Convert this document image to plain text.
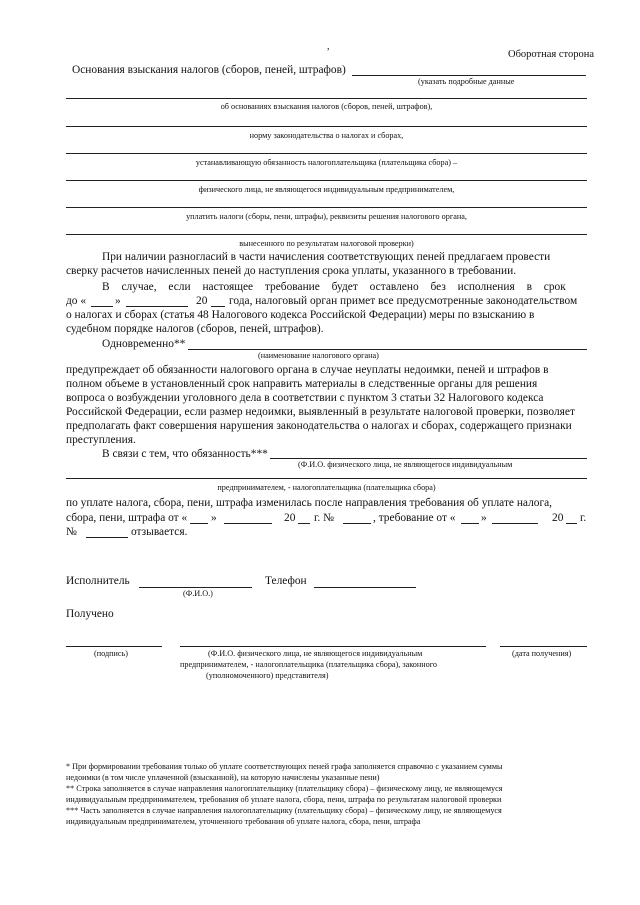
,
Оборотная сторона
Основания взыскания налогов (сборов, пеней, штрафов)
(указать подробные данные
об основаниях взыскания налогов (сборов, пеней, штрафов),
норму законодательства о налогах и сборах,
устанавливающую обязанность налогоплательщика (плательщика сбора) –
физического лица, не являющегося индивидуальным предпринимателем,
уплатить налоги (сборы, пени, штрафы), реквизиты решения налогового органа,
вынесенного по результатам налоговой проверки)
При наличии разногласий в части начисления соответствующих пеней предлагаем провести
сверку расчетов начисленных пеней до наступления срока уплаты, указанного в требовании.
В случае, если настоящее требование будет оставлено без исполнения в срок
до «	»	20 года, налоговый орган примет все предусмотренные законодательством
о налогах и сборах (статья 48 Налогового кодекса Российской Федерации) меры по взысканию в
судебном порядке налогов (сборов, пеней, штрафов).
Одновременно**
(наименование налогового органа)
предупреждает об обязанности налогового органа в случае неуплаты недоимки, пеней и штрафов в
полном объеме в установленный срок направить материалы в следственные органы для решения
вопроса о возбуждении уголовного дела в соответствии с пунктом 3 статьи 32 Налогового кодекса
Российской Федерации, если размер недоимки, выявленный в результате налоговой проверки, позволяет
предполагать факт совершения нарушения законодательства о налогах и сборах, содержащего признаки
преступления.
В связи с тем, что обязанность***
(Ф.И.О. физического лица, не являющегося индивидуальным
предпринимателем, - налогоплательщика (плательщика сбора)
по уплате налога, сбора, пени, штрафа изменилась после направления требования об уплате налога,
сбора, пени, штрафа от « »	20 г. №	, требование от « »	20 г.
№	отзывается.
Исполнитель
(Ф.И.О.)
Телефон
Получено
(подпись)	(Ф.И.О. физического лица, не являющегося индивидуальным
предпринимателем, - налогоплательщика (плательщика сбора), законного
(уполномоченного) представителя)
(дата получения)
* При формировании требования только об уплате соответствующих пеней графа заполняется справочно с указанием суммы
недоимки (в том числе уплаченной (взысканной), на которую начислены указанные пени)
** Строка заполняется в случае направления налогоплательщику (плательщику сбора) – физическому лицу, не являющемуся
индивидуальным предпринимателем, требования об уплате налога, сбора, пени, штрафа по результатам налоговой проверки
*** Часть заполняется в случае направления налогоплательщику (плательщику сбора) – физическому лицу, не являющемуся
индивидуальным предпринимателем, уточненного требования об уплате налога, сбора, пени, штрафа
